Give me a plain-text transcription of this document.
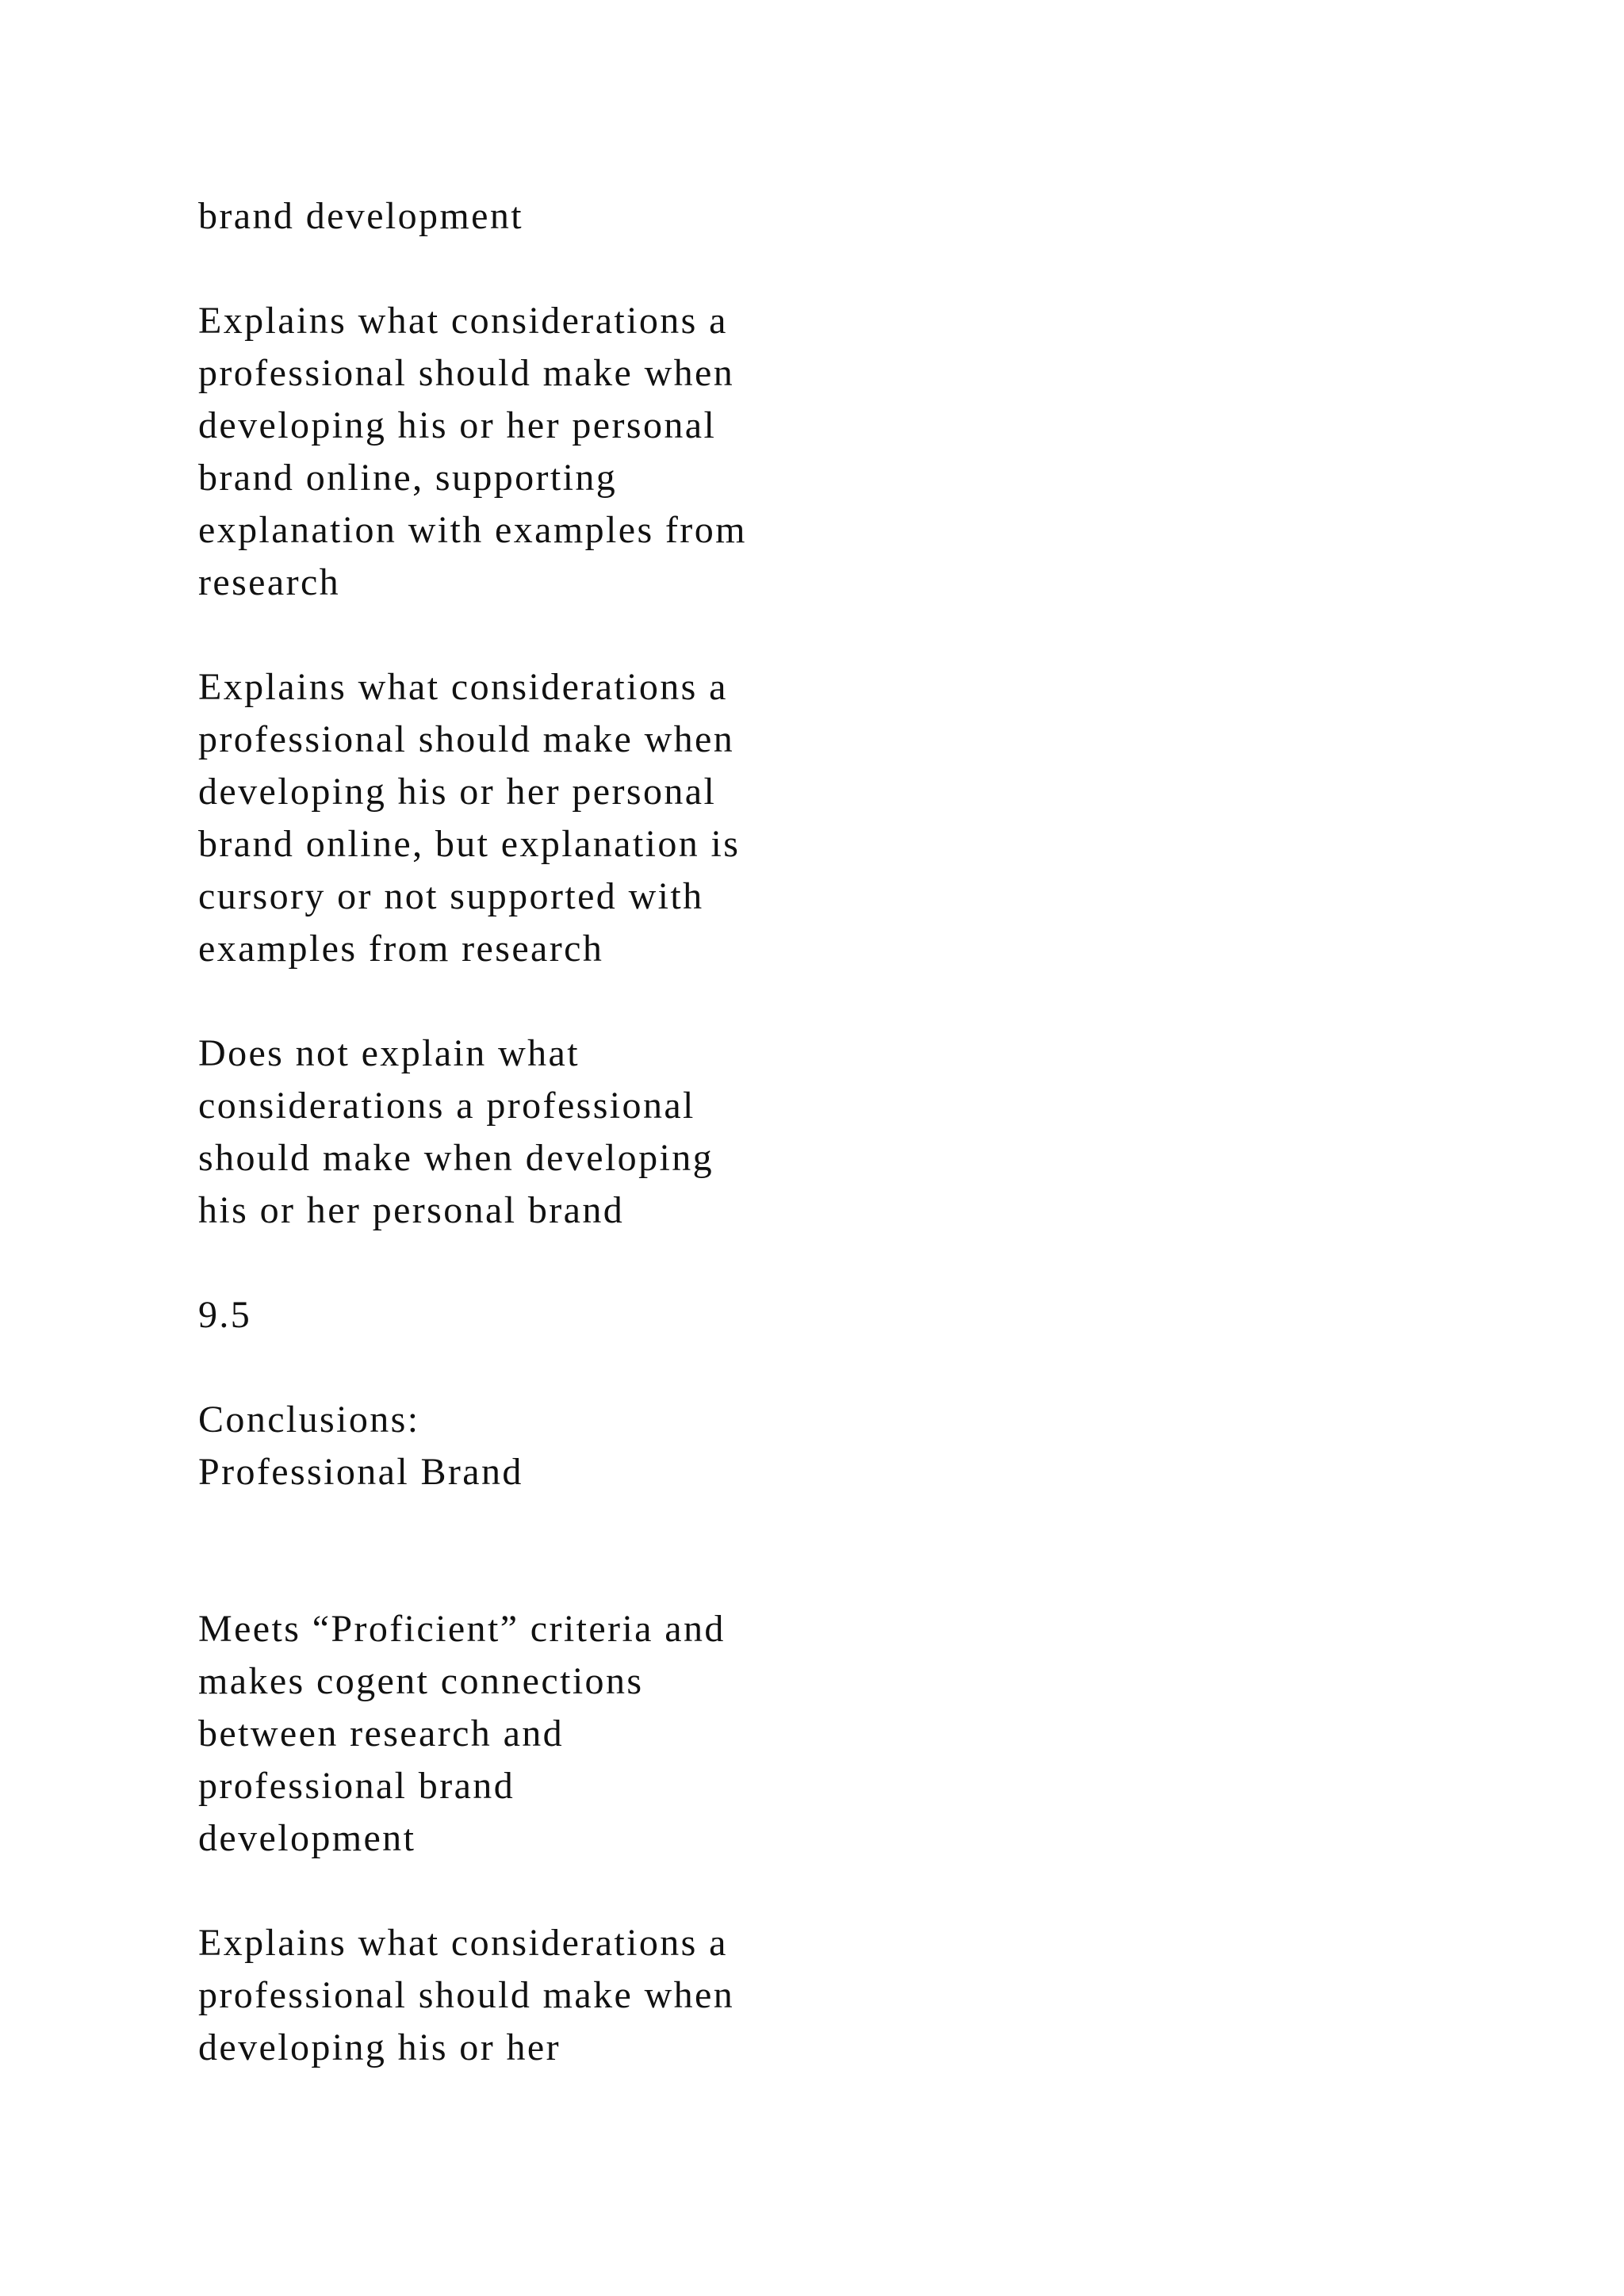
brand development

Explains what considerations a
professional should make when
developing his or her personal
brand online, supporting
explanation with examples from
research

Explains what considerations a
professional should make when
developing his or her personal
brand online, but explanation is
cursory or not supported with
examples from research

Does not explain what
considerations a professional
should make when developing
his or her personal brand

9.5

Conclusions:
Professional Brand

Meets “Proficient” criteria and
makes cogent connections
between research and
professional brand
development

Explains what considerations a
professional should make when
developing his or her
